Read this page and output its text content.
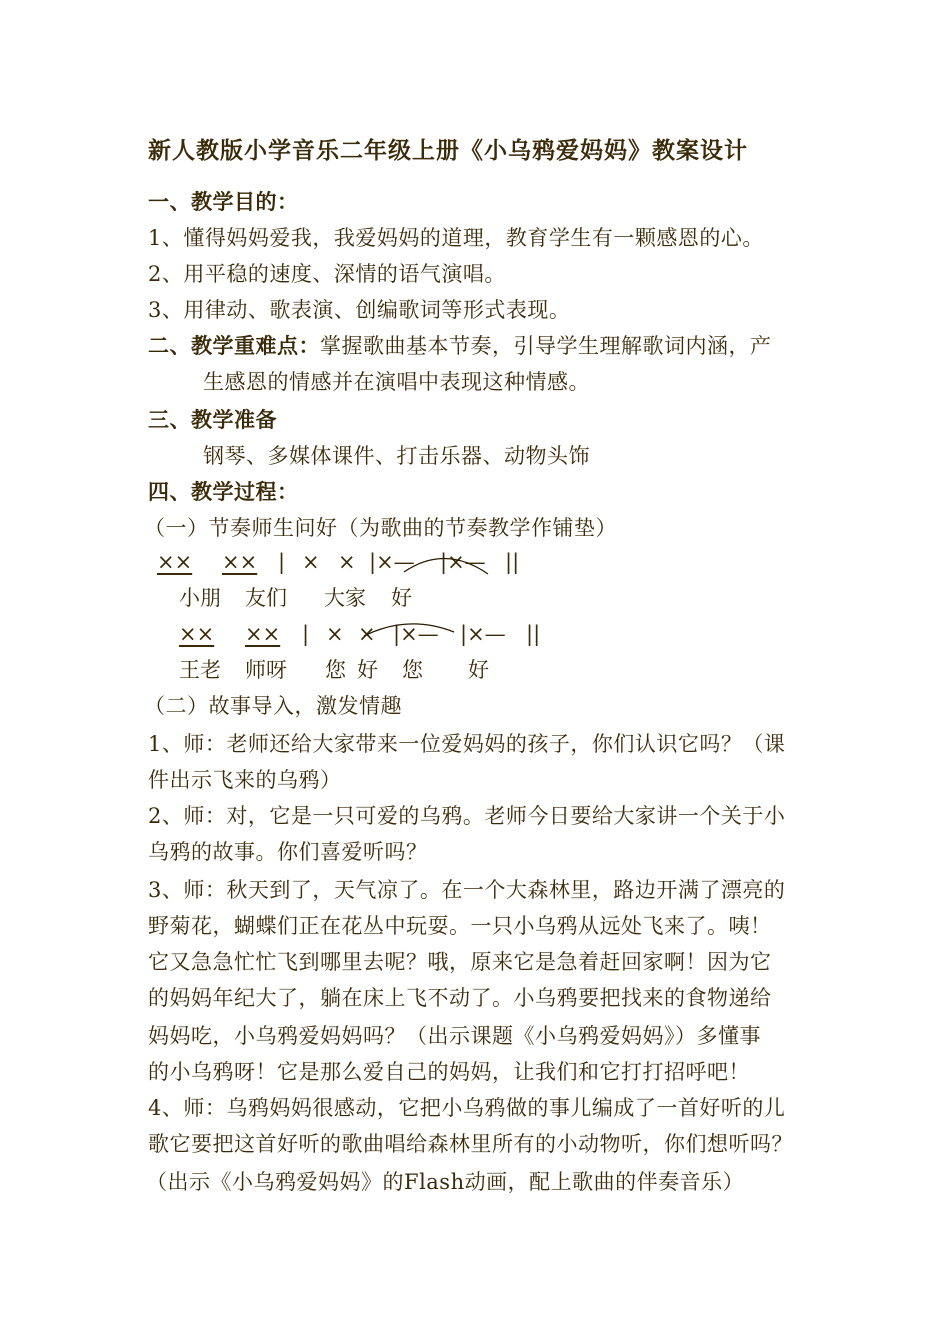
新人教版小学音乐二年级上册《小乌鸦爱妈妈》教案设计
一、教学目的：
1、懂得妈妈爱我，我爱妈妈的道理，教育学生有一颗感恩的心。
2、用平稳的速度、深情的语气演唱。
3、用律动、歌表演、创编歌词等形式表现。
二、教学重难点：掌握歌曲基本节奏，引导学生理解歌词内涵，产
生感恩的情感并在演唱中表现这种情感。
三、教学准备
钢琴、多媒体课件、打击乐器、动物头饰
四、教学过程：
（一）节奏师生问好（为歌曲的节奏教学作铺垫）
×× ×× | × × |×— |×— ||
小朋 友们 大家 好
×× ×× | × × |×— |×— ||
王老 师呀 您 好 您 好
（二）故事导入，激发情趣
1、师：老师还给大家带来一位爱妈妈的孩子，你们认识它吗？（课
件出示飞来的乌鸦）
2、师：对，它是一只可爱的乌鸦。老师今日要给大家讲一个关于小
乌鸦的故事。你们喜爱听吗？
3、师：秋天到了，天气凉了。在一个大森林里，路边开满了漂亮的
野菊花，蝴蝶们正在花丛中玩耍。一只小乌鸦从远处飞来了。咦！
它又急急忙忙飞到哪里去呢？哦，原来它是急着赶回家啊！因为它
的妈妈年纪大了，躺在床上飞不动了。小乌鸦要把找来的食物递给
妈妈吃，小乌鸦爱妈妈吗？（出示课题《小乌鸦爱妈妈》）多懂事
的小乌鸦呀！它是那么爱自己的妈妈，让我们和它打打招呼吧！
4、师：乌鸦妈妈很感动，它把小乌鸦做的事儿编成了一首好听的儿
歌它要把这首好听的歌曲唱给森林里所有的小动物听，你们想听吗？
（出示《小乌鸦爱妈妈》的Flash动画，配上歌曲的伴奏音乐）
